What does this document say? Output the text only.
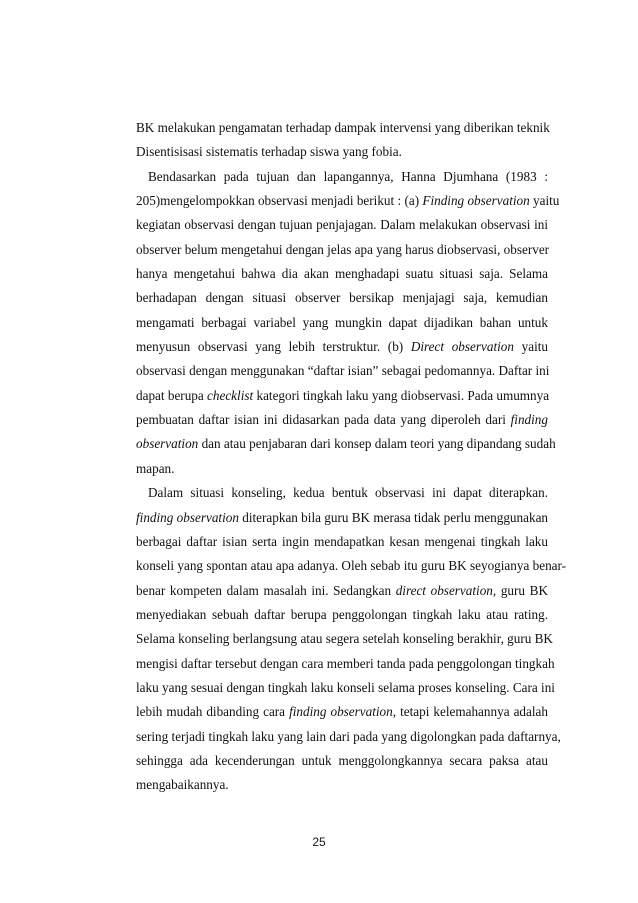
BK melakukan pengamatan terhadap dampak intervensi yang diberikan teknik
Disentisisasi sistematis terhadap siswa yang fobia.
Bendasarkan pada tujuan dan lapangannya, Hanna Djumhana (1983 :
205)mengelompokkan observasi menjadi berikut : (a) Finding observation yaitu
kegiatan observasi dengan tujuan penjajagan. Dalam melakukan observasi ini
observer belum mengetahui dengan jelas apa yang harus diobservasi, observer
hanya mengetahui bahwa dia akan menghadapi suatu situasi saja. Selama
berhadapan dengan situasi observer bersikap menjajagi saja, kemudian
mengamati berbagai variabel yang mungkin dapat dijadikan bahan untuk
menyusun observasi yang lebih terstruktur. (b) Direct observation yaitu
observasi dengan menggunakan “daftar isian” sebagai pedomannya. Daftar ini
dapat berupa checklist kategori tingkah laku yang diobservasi. Pada umumnya
pembuatan daftar isian ini didasarkan pada data yang diperoleh dari finding
observation dan atau penjabaran dari konsep dalam teori yang dipandang sudah
mapan.
Dalam situasi konseling, kedua bentuk observasi ini dapat diterapkan.
finding observation diterapkan bila guru BK merasa tidak perlu menggunakan
berbagai daftar isian serta ingin mendapatkan kesan mengenai tingkah laku
konseli yang spontan atau apa adanya. Oleh sebab itu guru BK seyogianya benar-
benar kompeten dalam masalah ini. Sedangkan direct observation, guru BK
menyediakan sebuah daftar berupa penggolongan tingkah laku atau rating.
Selama konseling berlangsung atau segera setelah konseling berakhir, guru BK
mengisi daftar tersebut dengan cara memberi tanda pada penggolongan tingkah
laku yang sesuai dengan tingkah laku konseli selama proses konseling. Cara ini
lebih mudah dibanding cara finding observation, tetapi kelemahannya adalah
sering terjadi tingkah laku yang lain dari pada yang digolongkan pada daftarnya,
sehingga ada kecenderungan untuk menggolongkannya secara paksa atau
mengabaikannya.
25
